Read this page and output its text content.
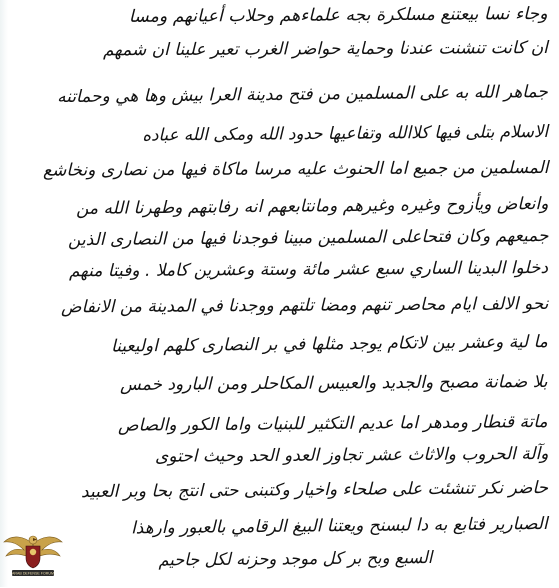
وجاء نسا بيعتنع مسلكرة بجه علماءهم وحلاب أعيانهم ومسا
ان كانت تنشنت عندنا وحماية حواضر الغرب تعير علينا ان شمهم
جماهر الله به على المسلمين من فتح مدينة العرا بيش وها هي وحماتنه
الاسلام بتلى فيها كلاالله وتفاعيها حدود الله ومكى الله عباده
المسلمين من جميع اما الحنوث عليه مرسا ماكاة فيها من نصارى ونخاشع
وانعاض ويأزوح وغيره وغيرهم ومانتابعهم انه رفابتهم وطهرنا الله من
جميعهم وكان فتحاعلى المسلمين مبينا فوجدنا فيها من النصارى الذين
دخلوا البدينا الساري سبع عشر مائة وستة وعشرين كاملا . وفيتا منهم
نحو الالف ايام محاصر تنهم ومضا تلتهم ووجدنا في المدينة من الانفاض
ما لية وعشر بين لاتكام يوجد مثلها في بر النصارى كلهم اوليعينا
بلا ضمانة مصبح والجديد والعبيس المكاحلر ومن البارود خمس
ماتة قنطار ومدهر اما عديم التكثير للبنيات واما الكور والصاص
وآلة الحروب والاثاث عشر تجاوز العدو الحد وحيث احتوى
حاضر نكر تنشئت على صلحاء واخيار وكتبنى حتى انتج بحا وبر العبيد
الصبارير فتابع به دا لبسنح ويعتنا البيغ الرقامي بالعبور وارهذا
السبع وبح بر كل موجد وحزنه لكل جاحيم
ARAB DEFENSE FORUM
